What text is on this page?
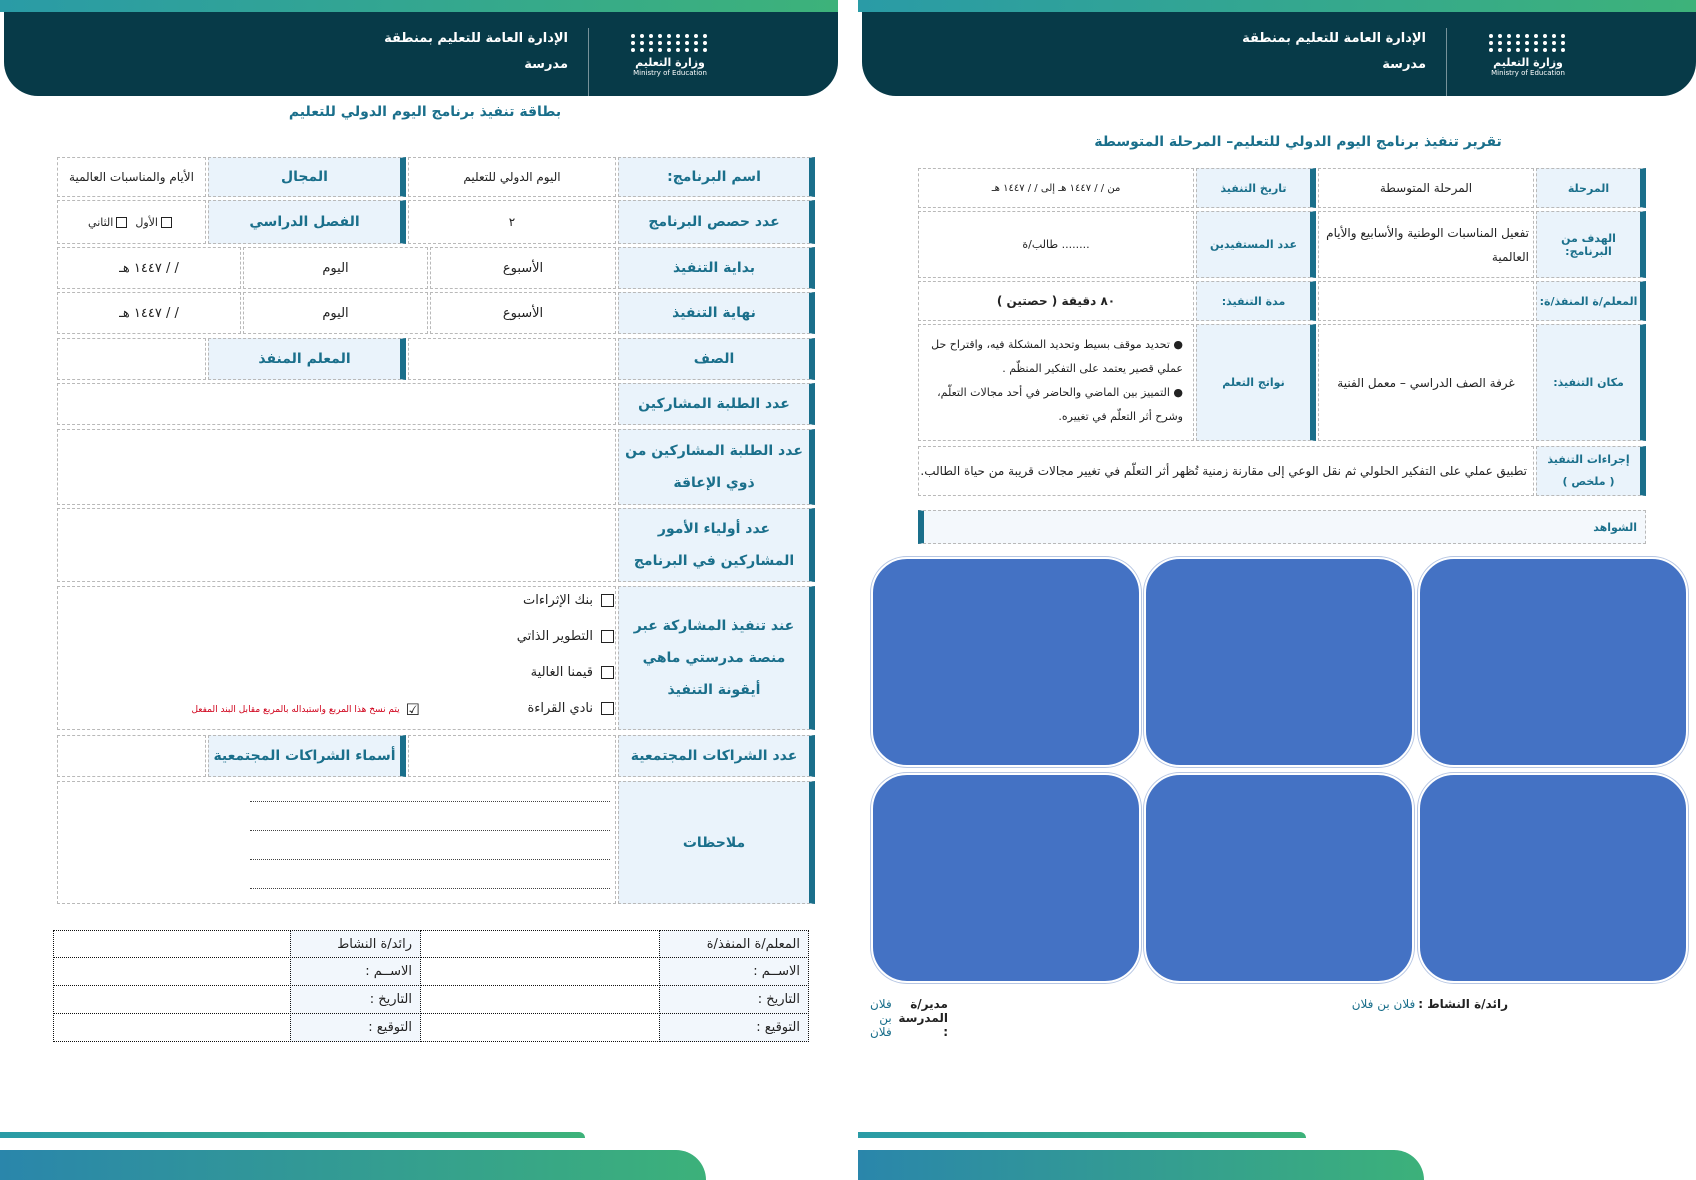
وزارة التعليم
Ministry of Education
الإدارة العامة للتعليم بمنطقة
مدرسة
بطاقة تنفيذ برنامج اليوم الدولي للتعليم
اسم البرنامج:
اليوم الدولي للتعليم
المجال
الأيام والمناسبات العالمية
عدد حصص البرنامج
٢
الفصل الدراسي
الأول
الثاني
بداية التنفيذ
الأسبوع
اليوم
/ / ١٤٤٧ هـ
نهاية التنفيذ
الأسبوع
اليوم
/ / ١٤٤٧ هـ
الصف
المعلم المنفذ
عدد الطلبة المشاركين
عدد الطلبة المشاركين من ذوي الإعاقة
عدد أولياء الأمور المشاركين في البرنامج
عند تنفيذ المشاركة عبر منصة مدرستي ماهي أيقونة التنفيذ
بنك الإثراءات
التطوير الذاتي
قيمنا الغالية
نادي القراءة
☑
يتم نسخ هذا المربع واستبداله بالمربع مقابل البند المفعل
عدد الشراكات المجتمعية
أسماء الشراكات المجتمعية
ملاحظات
المعلم/ة المنفذ/ة
رائد/ة النشاط
الاســم :
الاســم :
التاريخ :
التاريخ :
التوقيع :
التوقيع :
وزارة التعليم
Ministry of Education
الإدارة العامة للتعليم بمنطقة
مدرسة
تقرير تنفيذ برنامج اليوم الدولي للتعليم– المرحلة المتوسطة
المرحلة
المرحلة المتوسطة
تاريخ التنفيذ
من / / ١٤٤٧ هـ إلى / / ١٤٤٧ هـ
الهدف من البرنامج:
تفعيل المناسبات الوطنية والأسابيع والأيام العالمية
عدد المستفيدين
........ طالب/ة
المعلم/ة المنفذ/ة:
مدة التنفيذ:
٨٠ دقيقة ( حصتين )
مكان التنفيذ:
غرفة الصف الدراسي – معمل الفنية
نواتج التعلم
● تحديد موقف بسيط وتحديد المشكلة فيه، واقتراح حل عملي قصير يعتمد على التفكير المنظّم .
● التمييز بين الماضي والحاضر في أحد مجالات التعلّم، وشرح أثر التعلّم في تغييره.
إجراءات التنفيذ ( ملخص )
تطبيق عملي على التفكير الحلولي ثم نقل الوعي إلى مقارنة زمنية تُظهر أثر التعلّم في تغيير مجالات قريبة من حياة الطالب.
الشواهد
رائد/ة النشاط :
فلان بن فلان
مدير/ة المدرسة :
فلان بن فلان
